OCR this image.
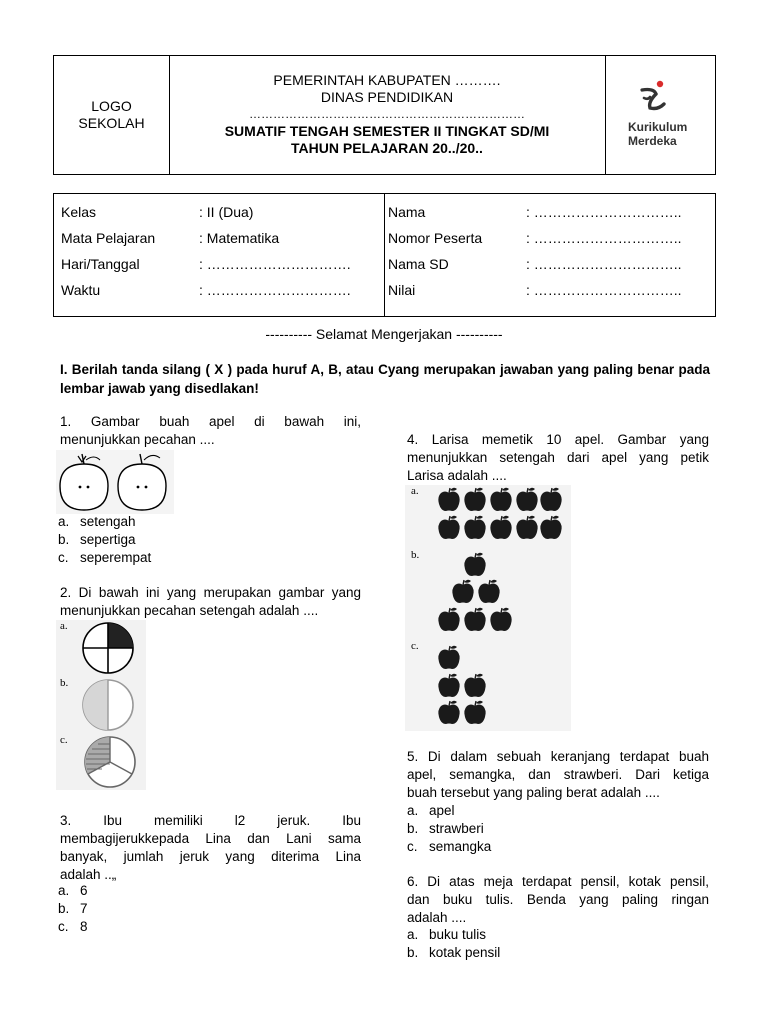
LOGO
SEKOLAH
PEMERINTAH KABUPATEN ……….
DINAS PENDIDIKAN
……………………………………………………………
SUMATIF TENGAH SEMESTER II TINGKAT SD/MI
TAHUN PELAJARAN 20../20..
Kurikulum
Merdeka
Kelas	: II (Dua)
Mata Pelajaran	: Matematika
Hari/Tanggal	: ………………………….
Waktu	: ………………………….
Nama	: …………………………..
Nomor Peserta	: …………………………..
Nama SD	: …………………………..
Nilai	: …………………………..
---------- Selamat Mengerjakan ----------
I. Berilah tanda silang ( X ) pada huruf A, B, atau Cyang merupakan jawaban yang paling benar pada lembar jawab yang disedlakan!
1. Gambar buah apel di bawah ini,
menunjukkan pecahan ....
a. setengah
b. sepertiga
c. seperempat
2. Di bawah ini yang merupakan gambar yang
menunjukkan pecahan setengah adalah ....
a.
b.
c.
3. Ibu memiliki l2 jeruk. Ibu
membagijerukkepada Lina dan Lani sama
banyak, jumlah jeruk yang diterima Lina
adalah ..„
a. 6
b. 7
c. 8
4. Larisa memetik 10 apel. Gambar yang
menunjukkan setengah dari apel yang petik
Larisa adalah ....
a.
b.
c.
5. Di dalam sebuah keranjang terdapat buah
apel, semangka, dan strawberi. Dari ketiga
buah tersebut yang paling berat adalah ....
a. apel
b. strawberi
c. semangka
6. Di atas meja terdapat pensil, kotak pensil,
dan buku tulis. Benda yang paling ringan
adalah ....
a. buku tulis
b. kotak pensil
